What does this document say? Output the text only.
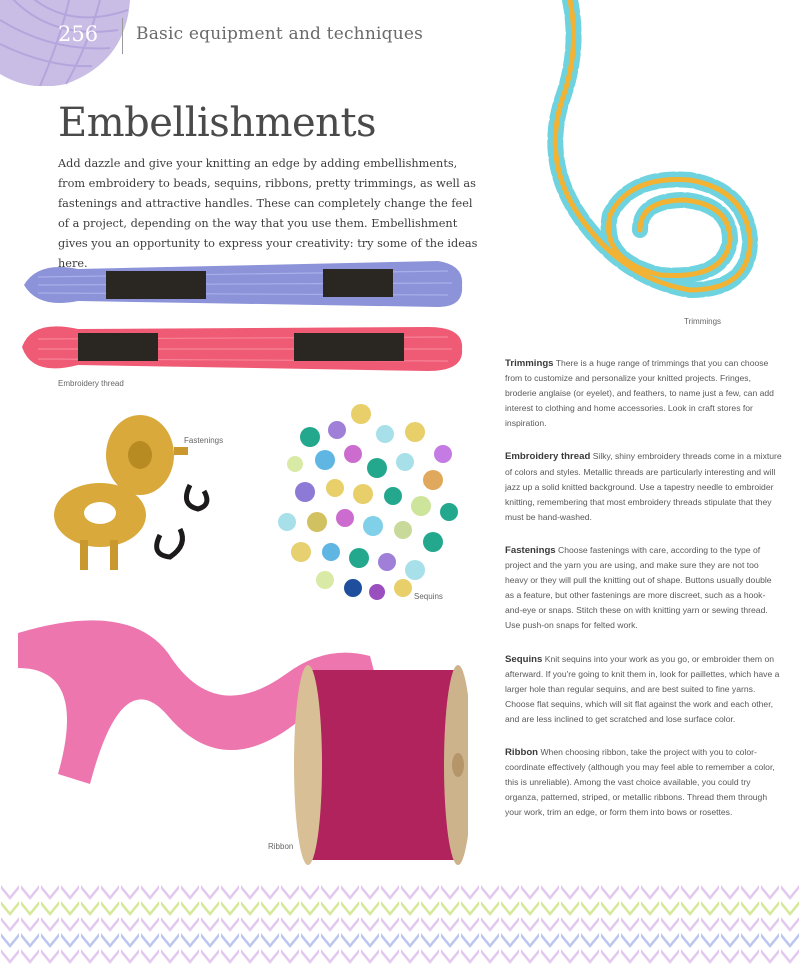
256 Basic equipment and techniques
Embellishments

Add dazzle and give your knitting an edge by adding embellishments, from embroidery to beads, sequins, ribbons, pretty trimmings, as well as fastenings and attractive handles. These can completely change the feel of a project, depending on the way that you use them. Embellishment gives you an opportunity to express your creativity: try some of the ideas here.

Trimmings
Embroidery thread
Fastenings
Sequins
Ribbon

Trimmings There is a huge range of trimmings that you can choose from to customize and personalize your knitted projects. Fringes, broderie anglaise (or eyelet), and feathers, to name just a few, can add interest to clothing and home accessories. Look in craft stores for inspiration.

Embroidery thread Silky, shiny embroidery threads come in a mixture of colors and styles. Metallic threads are particularly interesting and will jazz up a solid knitted background. Use a tapestry needle to embroider knitting, remembering that most embroidery threads stipulate that they must be hand-washed.

Fastenings Choose fastenings with care, according to the type of project and the yarn you are using, and make sure they are not too heavy or they will pull the knitting out of shape. Buttons usually double as a feature, but other fastenings are more discreet, such as a hook-and-eye or snaps. Stitch these on with knitting yarn or sewing thread. Use push-on snaps for felted work.

Sequins Knit sequins into your work as you go, or embroider them on afterward. If you're going to knit them in, look for paillettes, which have a larger hole than regular sequins, and are best suited to fine yarns. Choose flat sequins, which will sit flat against the work and each other, and are less inclined to get scratched and lose surface color.

Ribbon When choosing ribbon, take the project with you to color-coordinate effectively (although you may feel able to remember a color, this is unreliable). Among the vast choice available, you could try organza, patterned, striped, or metallic ribbons. Thread them through your work, trim an edge, or form them into bows or rosettes.
